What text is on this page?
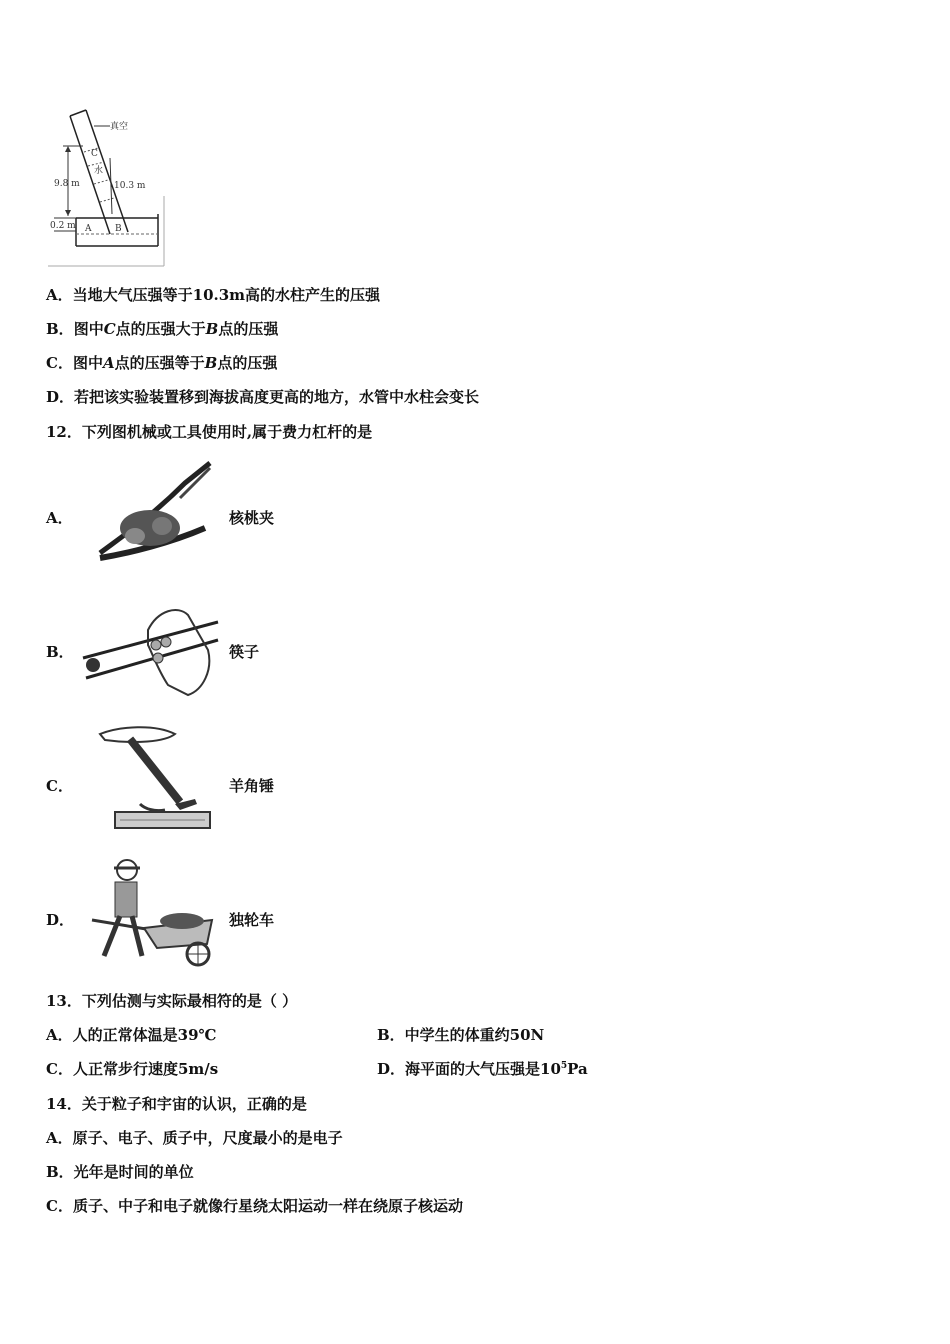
真空
C
水
9.8 m	10.3 m
0.2 m A	B
A．当地大气压强等于10.3m高的水柱产生的压强
B．图中C点的压强大于B点的压强
C．图中A点的压强等于B点的压强
D．若把该实验装置移到海拔高度更高的地方，水管中水柱会变长
12．下列图机械或工具使用时,属于费力杠杆的是
A．	核桃夹
B．	筷子
C．	羊角锤
D．	独轮车
13．下列估测与实际最相符的是（ ）
A．人的正常体温是39℃	B．中学生的体重约50N
C．人正常步行速度5m/s	D．海平面的大气压强是$10^5Pa$
14．关于粒子和宇宙的认识，正确的是
A．原子、电子、质子中，尺度最小的是电子
B．光年是时间的单位
C．质子、中子和电子就像行星绕太阳运动一样在绕原子核运动
